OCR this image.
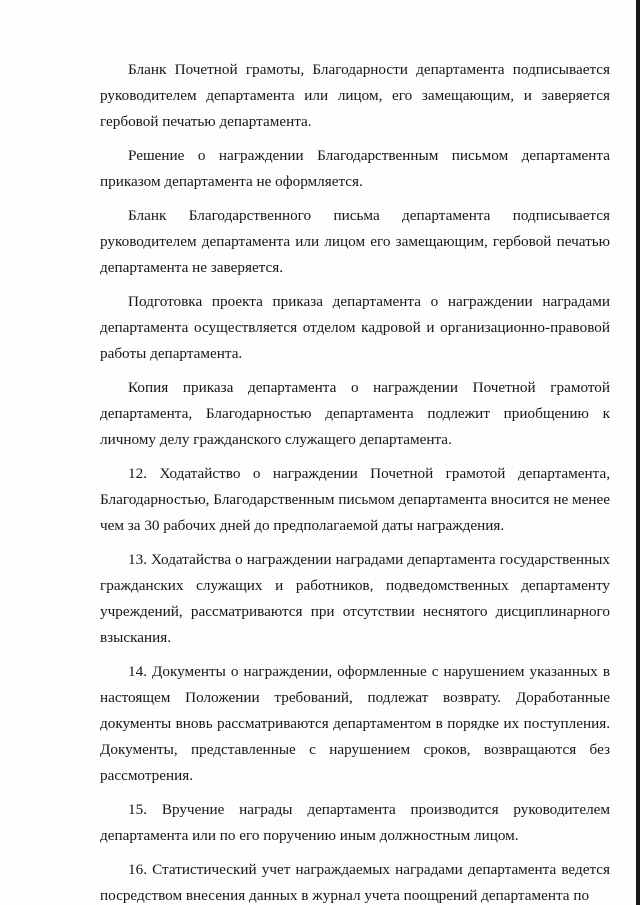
Бланк Почетной грамоты, Благодарности департамента подписывается руководителем департамента или лицом, его замещающим, и заверяется гербовой печатью департамента.

Решение о награждении Благодарственным письмом департамента приказом департамента не оформляется.

Бланк Благодарственного письма департамента подписывается руководителем департамента или лицом его замещающим, гербовой печатью департамента не заверяется.

Подготовка проекта приказа департамента о награждении наградами департамента осуществляется отделом кадровой и организационно-правовой работы департамента.

Копия приказа департамента о награждении Почетной грамотой департамента, Благодарностью департамента подлежит приобщению к личному делу гражданского служащего департамента.

12. Ходатайство о награждении Почетной грамотой департамента, Благодарностью, Благодарственным письмом департамента вносится не менее чем за 30 рабочих дней до предполагаемой даты награждения.

13. Ходатайства о награждении наградами департамента государственных гражданских служащих и работников, подведомственных департаменту учреждений, рассматриваются при отсутствии неснятого дисциплинарного взыскания.

14. Документы о награждении, оформленные с нарушением указанных в настоящем Положении требований, подлежат возврату. Доработанные документы вновь рассматриваются департаментом в порядке их поступления. Документы, представленные с нарушением сроков, возвращаются без рассмотрения.

15. Вручение награды департамента производится руководителем департамента или по его поручению иным должностным лицом.

16. Статистический учет награждаемых наградами департамента ведется посредством внесения данных в журнал учета поощрений департамента по
